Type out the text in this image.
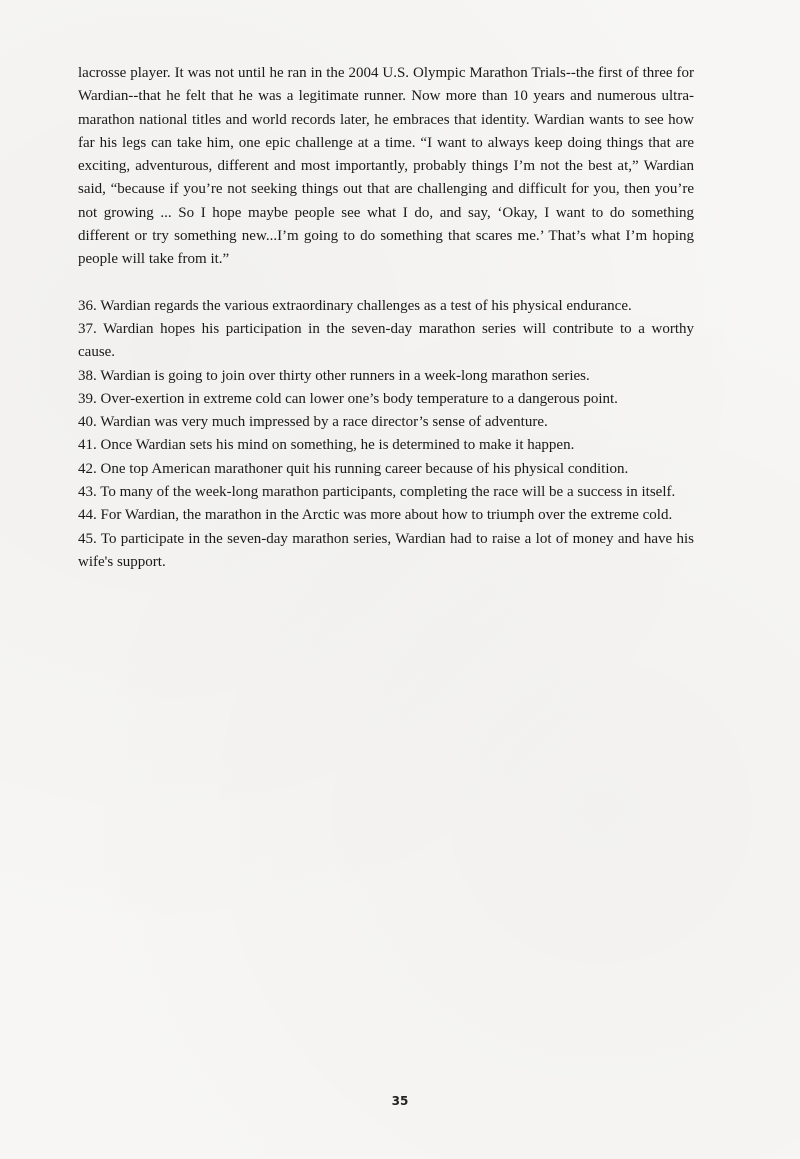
lacrosse player. It was not until he ran in the 2004 U.S. Olympic Marathon Trials--the first of three for Wardian--that he felt that he was a legitimate runner. Now more than 10 years and numerous ultra-marathon national titles and world records later, he embraces that identity. Wardian wants to see how far his legs can take him, one epic challenge at a time. “I want to always keep doing things that are exciting, adventurous, different and most importantly, probably things I’m not the best at,” Wardian said, “because if you’re not seeking things out that are challenging and difficult for you, then you’re not growing ... So I hope maybe people see what I do, and say, ‘Okay, I want to do something different or try something new...I’m going to do something that scares me.’ That’s what I’m hoping people will take from it.”

36. Wardian regards the various extraordinary challenges as a test of his physical endurance.

37. Wardian hopes his participation in the seven-day marathon series will contribute to a worthy cause.

38. Wardian is going to join over thirty other runners in a week-long marathon series.

39. Over-exertion in extreme cold can lower one’s body temperature to a dangerous point.

40. Wardian was very much impressed by a race director’s sense of adventure.

41. Once Wardian sets his mind on something, he is determined to make it happen.

42. One top American marathoner quit his running career because of his physical condition.

43. To many of the week-long marathon participants, completing the race will be a success in itself.

44. For Wardian, the marathon in the Arctic was more about how to triumph over the extreme cold.

45. To participate in the seven-day marathon series, Wardian had to raise a lot of money and have his wife's support.

35
